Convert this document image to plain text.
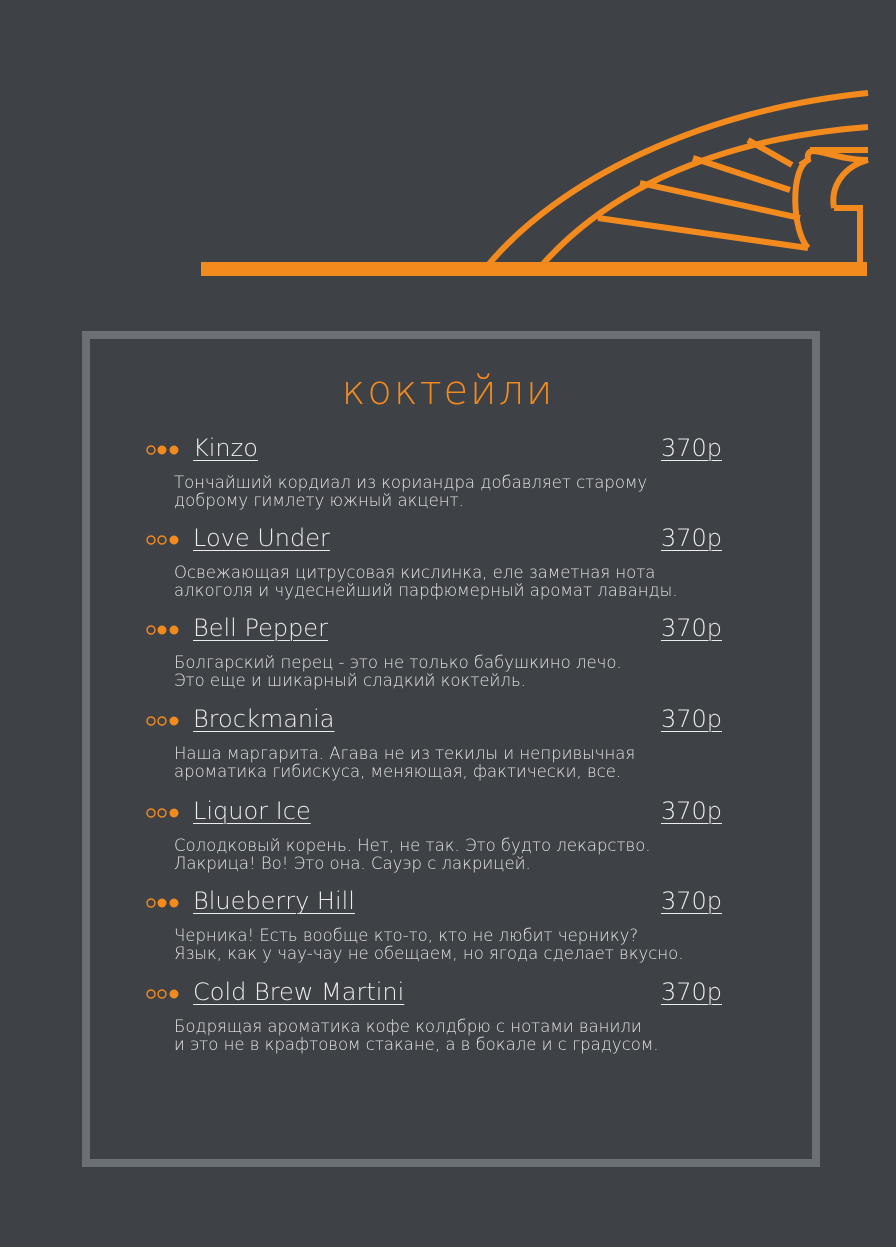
коктейли
Kinzo	370р
Тончайший кордиал из кориандра добавляет старому
доброму гимлету южный акцент.
Love Under	370р
Освежающая цитрусовая кислинка, еле заметная нота
алкоголя и чудеснейший парфюмерный аромат лаванды.
Bell Pepper	370р
Болгарский перец - это не только бабушкино лечо.
Это еще и шикарный сладкий коктейль.
Brockmania	370р
Наша маргарита. Агава не из текилы и непривычная
ароматика гибискуса, меняющая, фактически, все.
Liquor Ice	370р
Солодковый корень. Нет, не так. Это будто лекарство.
Лакрица! Во! Это она. Сауэр с лакрицей.
Blueberry Hill	370р
Черника! Есть вообще кто-то, кто не любит чернику?
Язык, как у чау-чау не обещаем, но ягода сделает вкусно.
Cold Brew Martini	370р
Бодрящая ароматика кофе колдбрю с нотами ванили
и это не в крафтовом стакане, а в бокале и с градусом.
